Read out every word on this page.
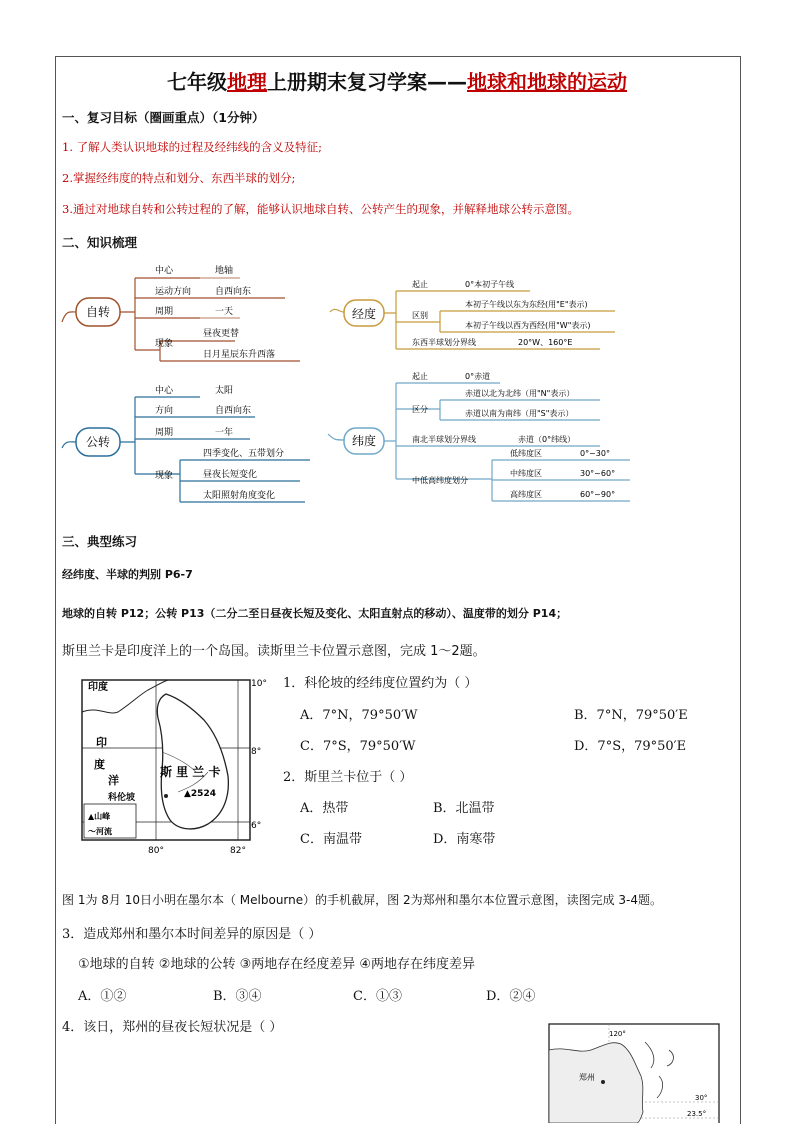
七年级地理上册期末复习学案——地球和地球的运动
一、复习目标（圈画重点）（1分钟）
1. 了解人类认识地球的过程及经纬线的含义及特征;
2.掌握经纬度的特点和划分、东西半球的划分;
3.通过对地球自转和公转过程的了解，能够认识地球自转、公转产生的现象，并解释地球公转示意图。
二、知识梳理
自转
中心	地轴
运动方向	自西向东
周期	一天
现象
昼夜更替
日月星辰东升西落
经度
起止	0°本初子午线
区别
本初子午线以东为东经(用"E"表示)
本初子午线以西为西经(用"W"表示)
东西半球划分界线	20°W、160°E
公转
中心	太阳
方向	自西向东
周期	一年
现象
四季变化、五带划分
昼夜长短变化
太阳照射角度变化
纬度
起止	0°赤道
区分
赤道以北为北纬（用"N"表示）
赤道以南为南纬（用"S"表示）
南北半球划分界线	赤道（0°纬线）
中低高纬度划分
低纬度区	0°~30°
中纬度区	30°~60°
高纬度区	60°~90°
三、典型练习
经纬度、半球的判别 P6-7
地球的自转 P12；公转 P13（二分二至日昼夜长短及变化、太阳直射点的移动）、温度带的划分 P14；
斯里兰卡是印度洋上的一个岛国。读斯里兰卡位置示意图，完成 1～2题。
印度
印
度
洋
斯 里 兰 卡
科伦坡	▲2524
▲山峰
〜河流
10°
8°
6°
80°	82°
1．科伦坡的经纬度位置约为（ ）
A．7°N，79°50′W	B．7°N，79°50′E
C．7°S，79°50′W	D．7°S，79°50′E
2．斯里兰卡位于（ ）
A．热带	B．北温带
C．南温带	D．南寒带
图 1为 8月 10日小明在墨尔本（ Melbourne）的手机截屏，图 2为郑州和墨尔本位置示意图，读图完成 3-4题。
3．造成郑州和墨尔本时间差异的原因是（ ）
①地球的自转 ②地球的公转 ③两地存在经度差异 ④两地存在纬度差异
A．①②	B．③④	C．①③	D．②④
4．该日，郑州的昼夜长短状况是（ ）	120°
郑州
30°
23.5°
